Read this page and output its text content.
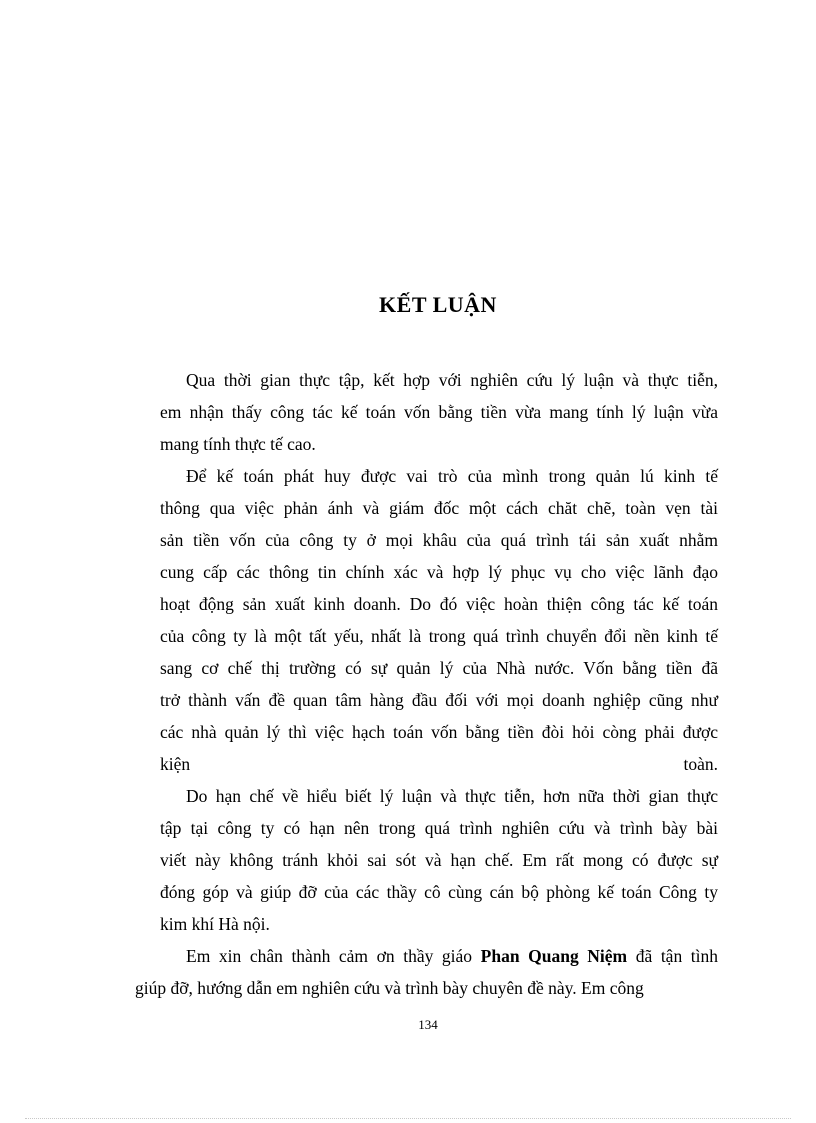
KẾT LUẬN
Qua thời gian thực tập, kết hợp với nghiên cứu lý luận và thực tiễn,
em nhận thấy công tác kế toán vốn bằng tiền vừa mang tính lý luận vừa
mang tính thực tế cao.
Để kế toán phát huy được vai trò của mình trong quản lú kinh tế
thông qua việc phản ánh và giám đốc một cách chăt chẽ, toàn vẹn tài
sản tiền vốn của công ty ở mọi khâu của quá trình tái sản xuất nhằm
cung cấp các thông tin chính xác và hợp lý phục vụ cho việc lãnh đạo
hoạt động sản xuất kinh doanh. Do đó việc hoàn thiện công tác kế toán
của công ty là một tất yếu, nhất là trong quá trình chuyển đổi nền kinh tế
sang cơ chế thị trường có sự quản lý của Nhà nước. Vốn bằng tiền đã
trở thành vấn đề quan tâm hàng đầu đối với mọi doanh nghiệp cũng như
các nhà quản lý thì việc hạch toán vốn bằng tiền đòi hỏi còng phải được
kiện toàn.
Do hạn chế về hiểu biết lý luận và thực tiễn, hơn nữa thời gian thực
tập tại công ty có hạn nên trong quá trình nghiên cứu và trình bày bài
viết này không tránh khỏi sai sót và hạn chế. Em rất mong có được sự
đóng góp và giúp đỡ của các thầy cô cùng cán bộ phòng kế toán Công ty
kim khí Hà nội.
Em xin chân thành cảm ơn thầy giáo Phan Quang Niệm đã tận tình
giúp đỡ, hướng dẫn em nghiên cứu và trình bày chuyên đề này. Em công
134
